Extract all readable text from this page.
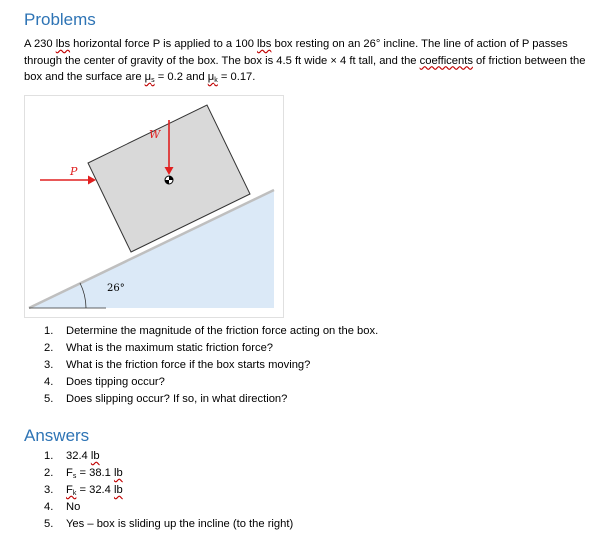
Problems
A 230 lbs horizontal force P is applied to a 100 lbs box resting on an 26° incline. The line of action of P passes through the center of gravity of the box. The box is 4.5 ft wide × 4 ft tall, and the coefficents of friction between the box and the surface are $\mu_s = 0.2$ and $\mu_k = 0.17$.
W
P
26°
1. Determine the magnitude of the friction force acting on the box.
2. What is the maximum static friction force?
3. What is the friction force if the box starts moving?
4. Does tipping occur?
5. Does slipping occur? If so, in what direction?
Answers
1. 32.4 lb
2. $F_s = 38.1$ lb
3. $F_k = 32.4$ lb
4. No
5. Yes – box is sliding up the incline (to the right)
